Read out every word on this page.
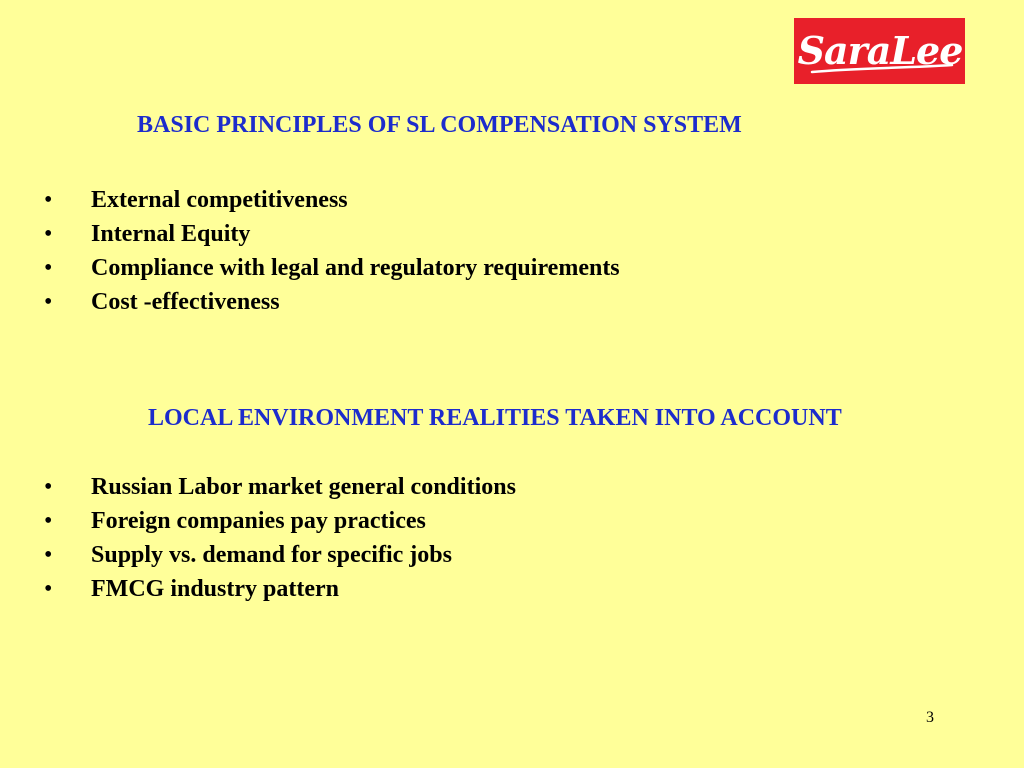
SaraLee
BASIC PRINCIPLES OF SL COMPENSATION SYSTEM
• External competitiveness
• Internal Equity
• Compliance with legal and regulatory requirements
• Cost -effectiveness
LOCAL ENVIRONMENT REALITIES TAKEN INTO ACCOUNT
• Russian Labor market general conditions
• Foreign companies pay practices
• Supply vs. demand for specific jobs
• FMCG industry pattern
3
